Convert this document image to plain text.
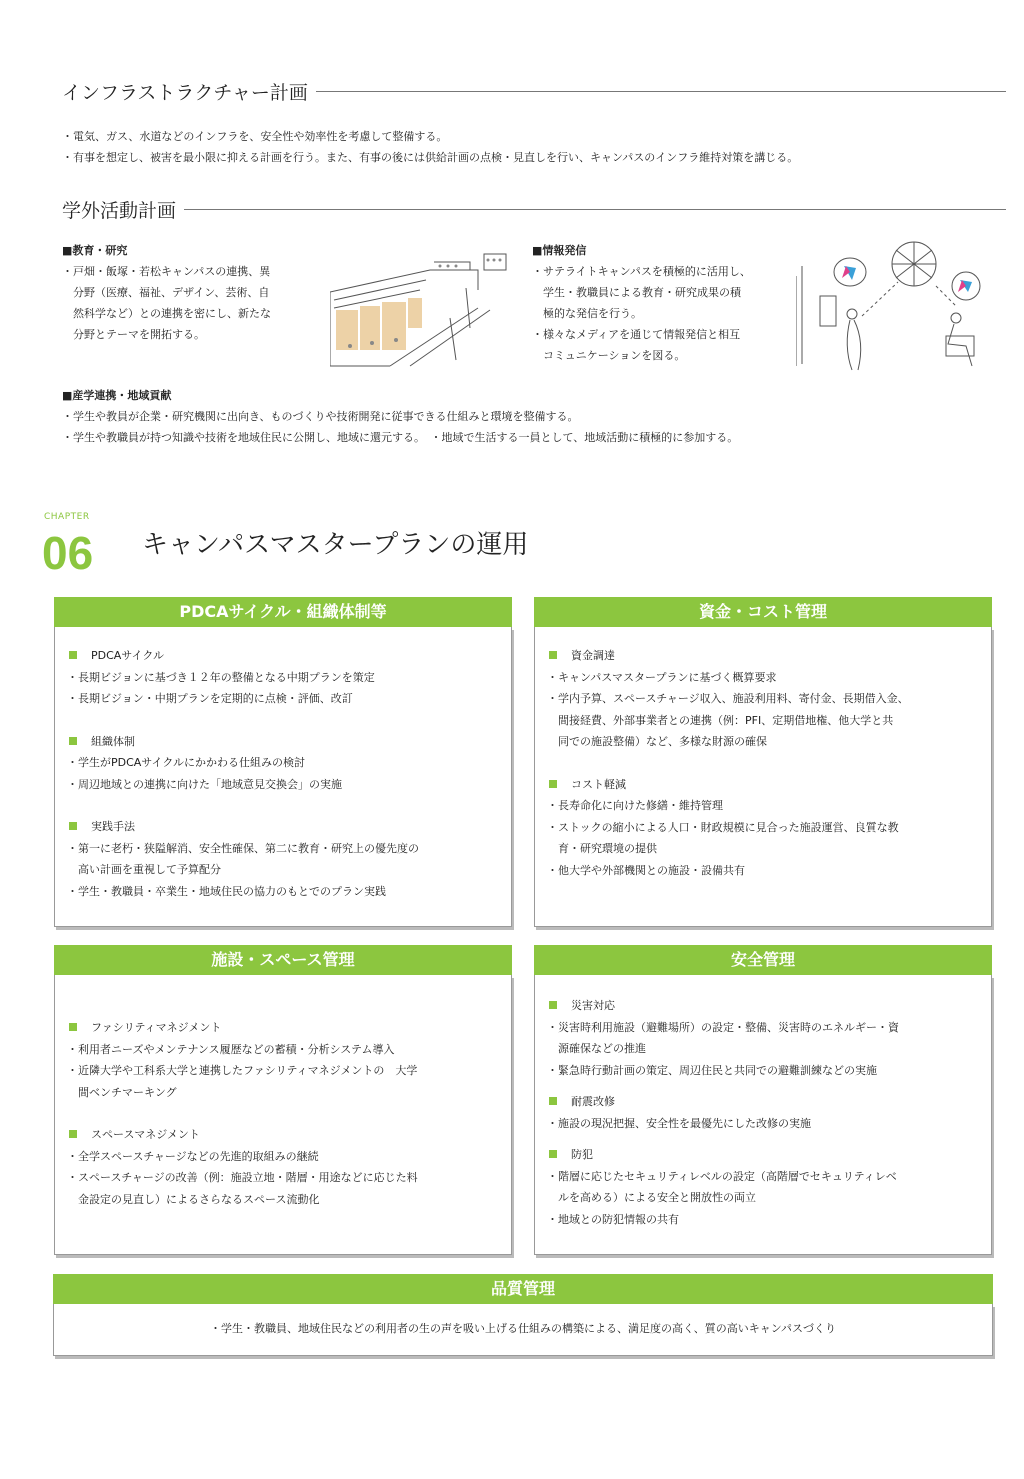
インフラストラクチャー計画

・電気、ガス、水道などのインフラを、安全性や効率性を考慮して整備する。

・有事を想定し、被害を最小限に抑える計画を行う。また、有事の後には供給計画の点検・見直しを行い、キャンパスのインフラ維持対策を講じる。

学外活動計画

■教育・研究

・戸畑・飯塚・若松キャンパスの連携、異

　分野（医療、福祉、デザイン、芸術、自

　然科学など）との連携を密にし、新たな

　分野とテーマを開拓する。

■情報発信

・サテライトキャンパスを積極的に活用し、

　学生・教職員による教育・研究成果の積

　極的な発信を行う。

・様々なメディアを通じて情報発信と相互

　コミュニケーションを図る。

■産学連携・地域貢献

・学生や教員が企業・研究機関に出向き、ものづくりや技術開発に従事できる仕組みと環境を整備する。

・学生や教職員が持つ知識や技術を地域住民に公開し、地域に還元する。　・地域で生活する一員として、地域活動に積極的に参加する。

CHAPTER
06 キャンパスマスタープランの運用
PDCAサイクル・組織体制等

PDCAサイクル

・長期ビジョンに基づき１２年の整備となる中期プランを策定

・長期ビジョン・中期プランを定期的に点検・評価、改訂

組織体制

・学生がPDCAサイクルにかかわる仕組みの検討

・周辺地域との連携に向けた「地域意見交換会」の実施

実践手法

・第一に老朽・狭隘解消、安全性確保、第二に教育・研究上の優先度の

　高い計画を重視して予算配分

・学生・教職員・卒業生・地域住民の協力のもとでのプラン実践

資金・コスト管理

資金調達

・キャンパスマスタープランに基づく概算要求

・学内予算、スペースチャージ収入、施設利用料、寄付金、長期借入金、

　間接経費、外部事業者との連携（例：PFI、定期借地権、他大学と共

　同での施設整備）など、多様な財源の確保

コスト軽減

・長寿命化に向けた修繕・維持管理

・ストックの縮小による人口・財政規模に見合った施設運営、良質な教

　育・研究環境の提供

・他大学や外部機関との施設・設備共有

施設・スペース管理

ファシリティマネジメント

・利用者ニーズやメンテナンス履歴などの蓄積・分析システム導入

・近隣大学や工科系大学と連携したファシリティマネジメントの　大学

　間ベンチマーキング

スペースマネジメント

・全学スペースチャージなどの先進的取組みの継続

・スペースチャージの改善（例：施設立地・階層・用途などに応じた料

　金設定の見直し）によるさらなるスペース流動化

安全管理

災害対応

・災害時利用施設（避難場所）の設定・整備、災害時のエネルギー・資

　源確保などの推進

・緊急時行動計画の策定、周辺住民と共同での避難訓練などの実施

耐震改修

・施設の現況把握、安全性を最優先にした改修の実施

防犯

・階層に応じたセキュリティレベルの設定（高階層でセキュリティレベ

　ルを高める）による安全と開放性の両立

・地域との防犯情報の共有

品質管理

・学生・教職員、地域住民などの利用者の生の声を吸い上げる仕組みの構築による、満足度の高く、質の高いキャンパスづくり
